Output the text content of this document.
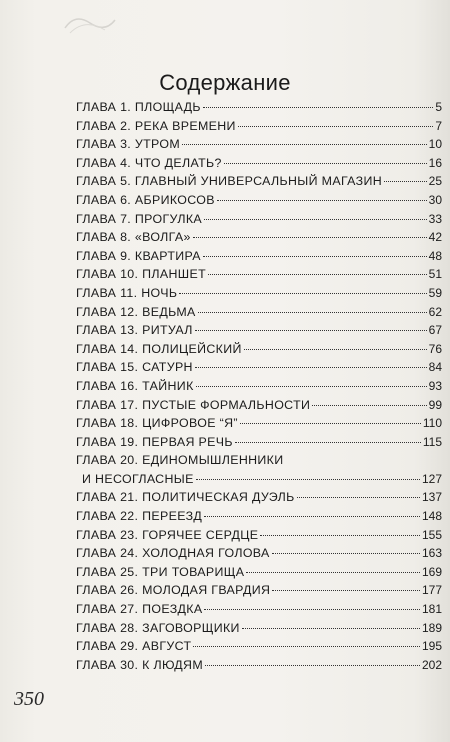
Содержание
ГЛАВА 1. ПЛОЩАДЬ	5
ГЛАВА 2. РЕКА ВРЕМЕНИ	7
ГЛАВА 3. УТРОМ	10
ГЛАВА 4. ЧТО ДЕЛАТЬ?	16
ГЛАВА 5. ГЛАВНЫЙ УНИВЕРСАЛЬНЫЙ МАГАЗИН	25
ГЛАВА 6. АБРИКОСОВ	30
ГЛАВА 7. ПРОГУЛКА	33
ГЛАВА 8. «ВОЛГА»	42
ГЛАВА 9. КВАРТИРА	48
ГЛАВА 10. ПЛАНШЕТ	51
ГЛАВА 11. НОЧЬ	59
ГЛАВА 12. ВЕДЬМА	62
ГЛАВА 13. РИТУАЛ	67
ГЛАВА 14. ПОЛИЦЕЙСКИЙ	76
ГЛАВА 15. САТУРН	84
ГЛАВА 16. ТАЙНИК	93
ГЛАВА 17. ПУСТЫЕ ФОРМАЛЬНОСТИ	99
ГЛАВА 18. ЦИФРОВОЕ “Я”	110
ГЛАВА 19. ПЕРВАЯ РЕЧЬ	115
ГЛАВА 20. ЕДИНОМЫШЛЕННИКИ
И НЕСОГЛАСНЫЕ	127
ГЛАВА 21. ПОЛИТИЧЕСКАЯ ДУЭЛЬ	137
ГЛАВА 22. ПЕРЕЕЗД	148
ГЛАВА 23. ГОРЯЧЕЕ СЕРДЦЕ	155
ГЛАВА 24. ХОЛОДНАЯ ГОЛОВА	163
ГЛАВА 25. ТРИ ТОВАРИЩА	169
ГЛАВА 26. МОЛОДАЯ ГВАРДИЯ	177
ГЛАВА 27. ПОЕЗДКА	181
ГЛАВА 28. ЗАГОВОРЩИКИ	189
ГЛАВА 29. АВГУСТ	195
ГЛАВА 30. К ЛЮДЯМ	202
350
